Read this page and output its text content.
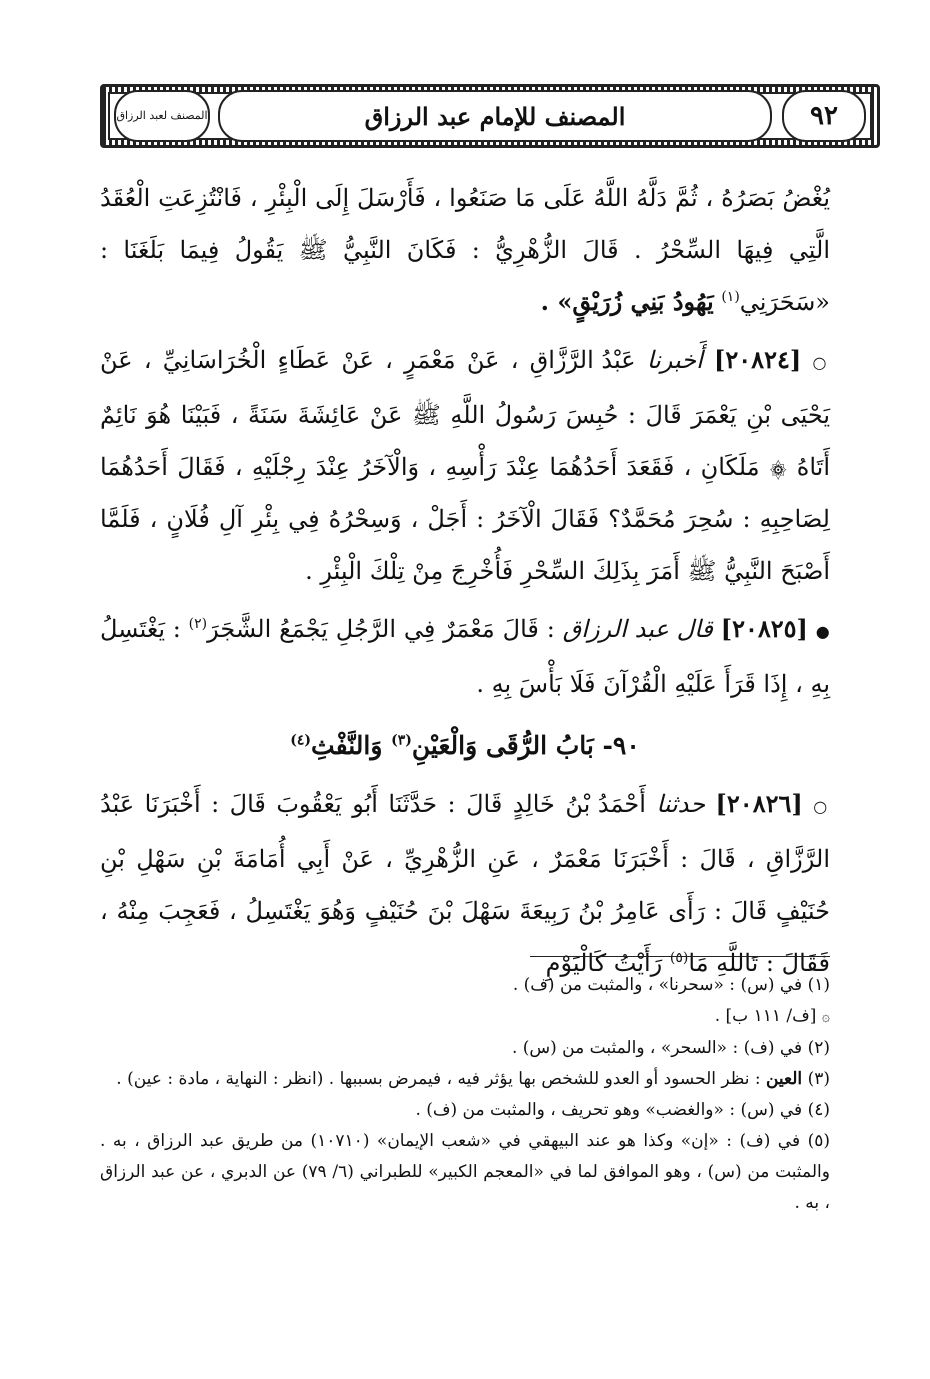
٩٢
المصنف للإمام عبد الرزاق
المصنف لعبد الرزاق

يُغْضُ بَصَرُهُ ، ثُمَّ دَلَّهُ اللَّهُ عَلَى مَا صَنَعُوا ، فَأَرْسَلَ إِلَى الْبِئْرِ ، فَانْتُزِعَتِ الْعُقَدُ الَّتِي فِيهَا السِّحْرُ . قَالَ الزُّهْرِيُّ : فَكَانَ النَّبِيُّ ﷺ يَقُولُ فِيمَا بَلَغَنَا : «سَحَرَنِي$^{(١)}$ يَهُودُ بَنِي زُرَيْقٍ» .

○ [٢٠٨٢٤] أَخبرنا عَبْدُ الرَّزَّاقِ ، عَنْ مَعْمَرٍ ، عَنْ عَطَاءٍ الْخُرَاسَانِيِّ ، عَنْ يَحْيَى بْنِ يَعْمَرَ قَالَ : حُبِسَ رَسُولُ اللَّهِ ﷺ عَنْ عَائِشَةَ سَنَةً ، فَبَيْنَا هُوَ نَائِمٌ أَتَاهُ ۞ مَلَكَانِ ، فَقَعَدَ أَحَدُهُمَا عِنْدَ رَأْسِهِ ، وَالْآخَرُ عِنْدَ رِجْلَيْهِ ، فَقَالَ أَحَدُهُمَا لِصَاحِبِهِ : سُحِرَ مُحَمَّدٌ؟ فَقَالَ الْآخَرُ : أَجَلْ ، وَسِحْرُهُ فِي بِئْرِ آلِ فُلَانٍ ، فَلَمَّا أَصْبَحَ النَّبِيُّ ﷺ أَمَرَ بِذَلِكَ السِّحْرِ فَأُخْرِجَ مِنْ تِلْكَ الْبِئْرِ .

● [٢٠٨٢٥] قال عبد الرزاق : قَالَ مَعْمَرٌ فِي الرَّجُلِ يَجْمَعُ الشَّجَرَ$^{(٢)}$ : يَغْتَسِلُ بِهِ ، إِذَا قَرَأَ عَلَيْهِ الْقُرْآنَ فَلَا بَأْسَ بِهِ .

٩٠- بَابُ الرُّقَى وَالْعَيْنِ$^{(٣)}$ وَالنَّفْثِ$^{(٤)}$

○ [٢٠٨٢٦] حدثنا أَحْمَدُ بْنُ خَالِدٍ قَالَ : حَدَّثَنَا أَبُو يَعْقُوبَ قَالَ : أَخْبَرَنَا عَبْدُ الرَّزَّاقِ ، قَالَ : أَخْبَرَنَا مَعْمَرٌ ، عَنِ الزُّهْرِيِّ ، عَنْ أَبِي أُمَامَةَ بْنِ سَهْلِ بْنِ حُنَيْفٍ قَالَ : رَأَى عَامِرُ بْنُ رَبِيعَةَ سَهْلَ بْنَ حُنَيْفٍ وَهُوَ يَغْتَسِلُ ، فَعَجِبَ مِنْهُ ، فَقَالَ : تَاللَّهِ مَا$^{(٥)}$ رَأَيْتُ كَالْيَوْمِ

(١) في (س) : «سحرنا» ، والمثبت من (ف) .

۞ [ف/ ١١١ ب] .

(٢) في (ف) : «السحر» ، والمثبت من (س) .

(٣) العين : نظر الحسود أو العدو للشخص بها يؤثر فيه ، فيمرض بسببها . (انظر : النهاية ، مادة : عين) .

(٤) في (س) : «والغضب» وهو تحريف ، والمثبت من (ف) .

(٥) في (ف) : «إن» وكذا هو عند البيهقي في «شعب الإيمان» (١٠٧١٠) من طريق عبد الرزاق ، به . والمثبت من (س) ، وهو الموافق لما في «المعجم الكبير» للطبراني (٦/ ٧٩) عن الدبري ، عن عبد الرزاق ، به .
